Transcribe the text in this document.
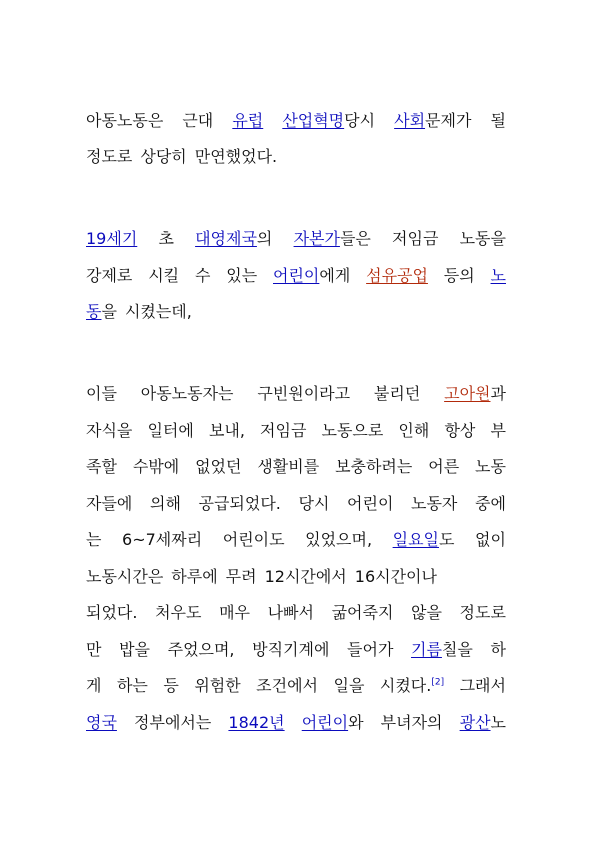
아동노동은 근대 유럽 산업혁명당시 사회문제가 될
정도로 상당히 만연했었다.
19세기 초 대영제국의 자본가들은 저임금 노동을
강제로 시킬 수 있는 어린이에게 섬유공업 등의 노
동을 시켰는데,
이들 아동노동자는 구빈원이라고 불리던 고아원과
자식을 일터에 보내, 저임금 노동으로 인해 항상 부
족할 수밖에 없었던 생활비를 보충하려는 어른 노동
자들에 의해 공급되었다. 당시 어린이 노동자 중에
는 6~7세짜리 어린이도 있었으며, 일요일도 없이
노동시간은 하루에 무려 12시간에서 16시간이나
되었다. 처우도 매우 나빠서 굶어죽지 않을 정도로
만 밥을 주었으며, 방직기계에 들어가 기름칠을 하
게 하는 등 위험한 조건에서 일을 시켰다.[2] 그래서
영국 정부에서는 1842년 어린이와 부녀자의 광산노
